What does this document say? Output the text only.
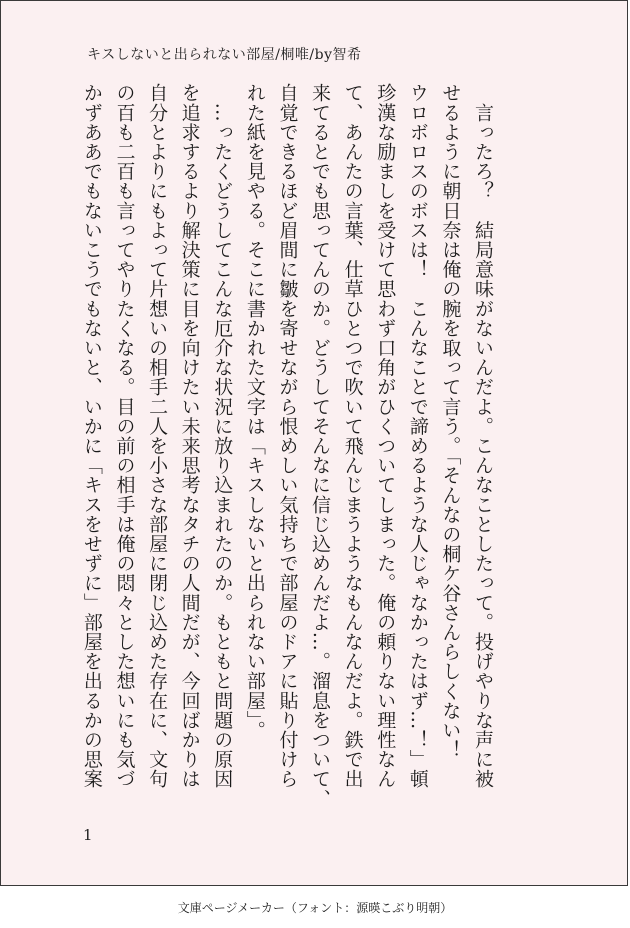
キスしないと出られない部屋/桐唯/by智希
　言ったろ？　結局意味がないんだよ。こんなことしたって。投げやりな声に被
せるように朝日奈は俺の腕を取って言う。「そんなの桐ケ谷さんらしくない！
ウロボロスのボスは！　こんなことで諦めるような人じゃなかったはず…！」頓
珍漢な励ましを受けて思わず口角がひくついてしまった。俺の頼りない理性なん
て、あんたの言葉、仕草ひとつで吹いて飛んじまうようなもんなんだよ。鉄で出
来てるとでも思ってんのか。どうしてそんなに信じ込めんだよ…。溜息をついて、
自覚できるほど眉間に皺を寄せながら恨めしい気持ちで部屋のドアに貼り付けら
れた紙を見やる。そこに書かれた文字は「キスしないと出られない部屋」。
　…ったくどうしてこんな厄介な状況に放り込まれたのか。もともと問題の原因
を追求するより解決策に目を向けたい未来思考なタチの人間だが、今回ばかりは
自分とよりにもよって片想いの相手二人を小さな部屋に閉じ込めた存在に、文句
の百も二百も言ってやりたくなる。目の前の相手は俺の悶々とした想いにも気づ
かずああでもないこうでもないと、いかに「キスをせずに」部屋を出るかの思案
1
文庫ページメーカー（フォント：源暎こぶり明朝）
